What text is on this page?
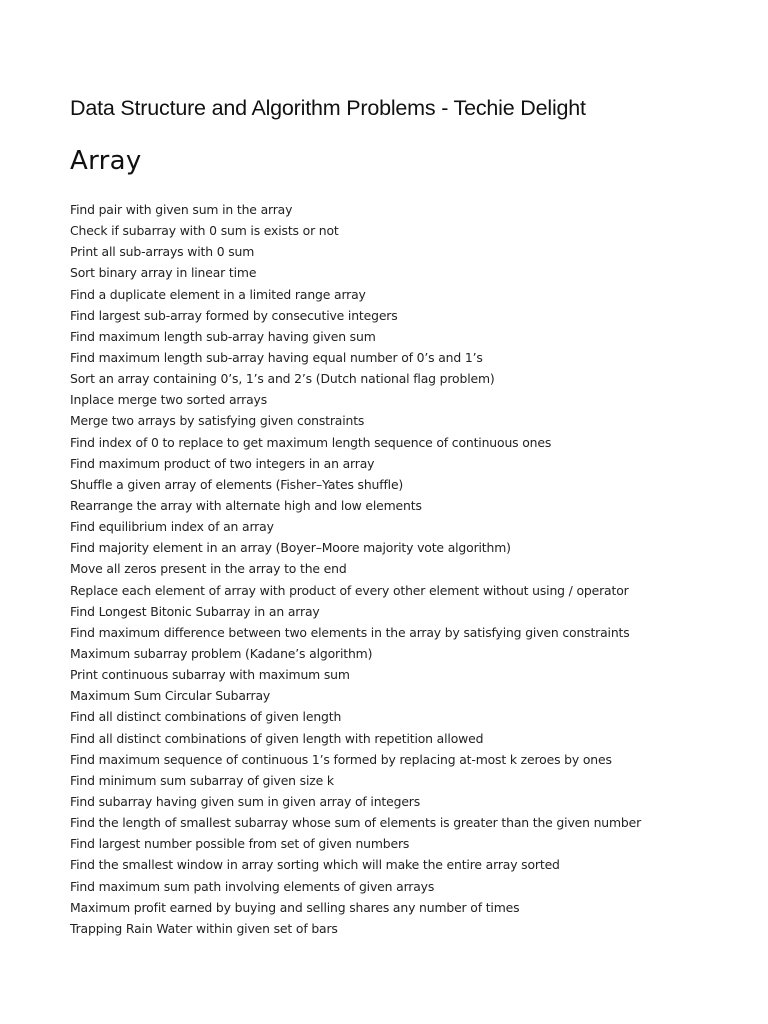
Data Structure and Algorithm Problems - Techie Delight
Array
Find pair with given sum in the array
Check if subarray with 0 sum is exists or not
Print all sub-arrays with 0 sum
Sort binary array in linear time
Find a duplicate element in a limited range array
Find largest sub-array formed by consecutive integers
Find maximum length sub-array having given sum
Find maximum length sub-array having equal number of 0’s and 1’s
Sort an array containing 0’s, 1’s and 2’s (Dutch national flag problem)
Inplace merge two sorted arrays
Merge two arrays by satisfying given constraints
Find index of 0 to replace to get maximum length sequence of continuous ones
Find maximum product of two integers in an array
Shuffle a given array of elements (Fisher–Yates shuffle)
Rearrange the array with alternate high and low elements
Find equilibrium index of an array
Find majority element in an array (Boyer–Moore majority vote algorithm)
Move all zeros present in the array to the end
Replace each element of array with product of every other element without using / operator
Find Longest Bitonic Subarray in an array
Find maximum difference between two elements in the array by satisfying given constraints
Maximum subarray problem (Kadane’s algorithm)
Print continuous subarray with maximum sum
Maximum Sum Circular Subarray
Find all distinct combinations of given length
Find all distinct combinations of given length with repetition allowed
Find maximum sequence of continuous 1’s formed by replacing at-most k zeroes by ones
Find minimum sum subarray of given size k
Find subarray having given sum in given array of integers
Find the length of smallest subarray whose sum of elements is greater than the given number
Find largest number possible from set of given numbers
Find the smallest window in array sorting which will make the entire array sorted
Find maximum sum path involving elements of given arrays
Maximum profit earned by buying and selling shares any number of times
Trapping Rain Water within given set of bars
